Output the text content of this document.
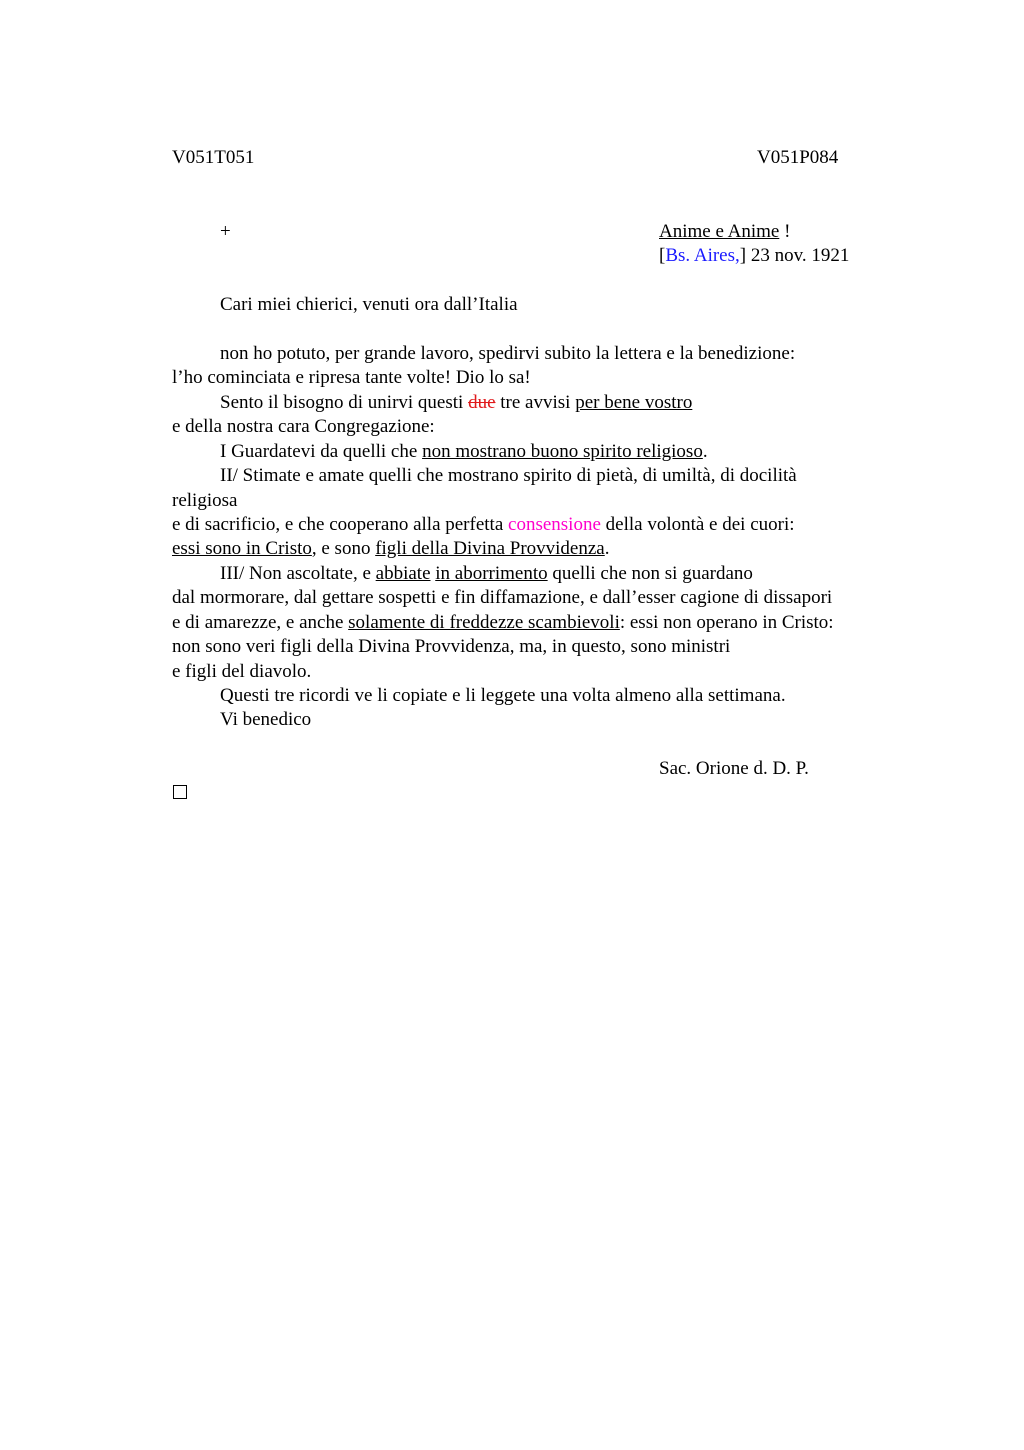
V051T051	V051P084
+	Anime e Anime !
[Bs. Aires,] 23 nov. 1921
Cari miei chierici, venuti ora dall’Italia
non ho potuto, per grande lavoro, spedirvi subito la lettera e la benedizione:
l’ho cominciata e ripresa tante volte! Dio lo sa!
Sento il bisogno di unirvi questi due tre avvisi per bene vostro
e della nostra cara Congregazione:
I Guardatevi da quelli che non mostrano buono spirito religioso.
II/ Stimate e amate quelli che mostrano spirito di pietà, di umiltà, di docilità
religiosa
e di sacrificio, e che cooperano alla perfetta consensione della volontà e dei cuori:
essi sono in Cristo, e sono figli della Divina Provvidenza.
III/ Non ascoltate, e abbiate in aborrimento quelli che non si guardano
dal mormorare, dal gettare sospetti e fin diffamazione, e dall’esser cagione di dissapori
e di amarezze, e anche solamente di freddezze scambievoli: essi non operano in Cristo:
non sono veri figli della Divina Provvidenza, ma, in questo, sono ministri
e figli del diavolo.
Questi tre ricordi ve li copiate e li leggete una volta almeno alla settimana.
Vi benedico
Sac. Orione d. D. P.
